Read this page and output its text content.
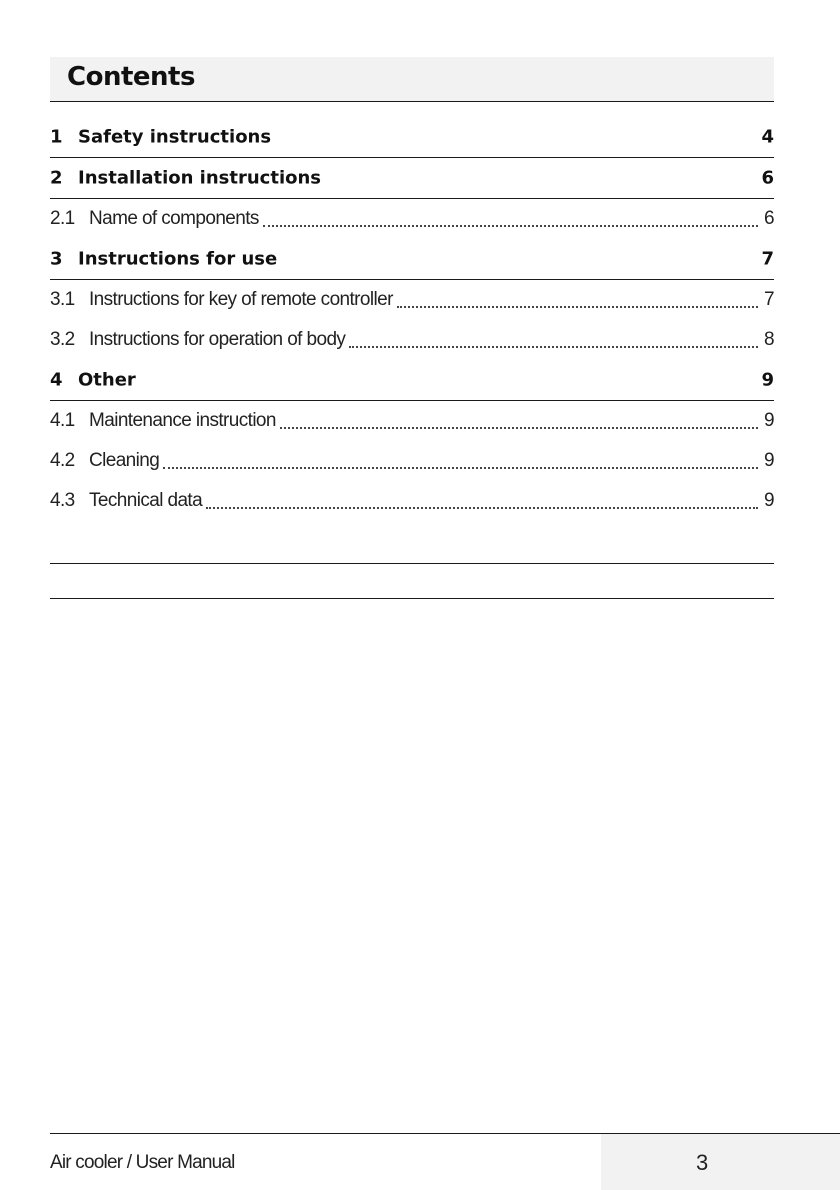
Contents
1 Safety instructions	4
2 Installation instructions	6
2.1 Name of components	6
3 Instructions for use	7
3.1 Instructions for key of remote controller	7
3.2 Instructions for operation of body	8
4 Other	9
4.1 Maintenance instruction	9
4.2 Cleaning	9
4.3 Technical data	9
Air cooler / User Manual	3
